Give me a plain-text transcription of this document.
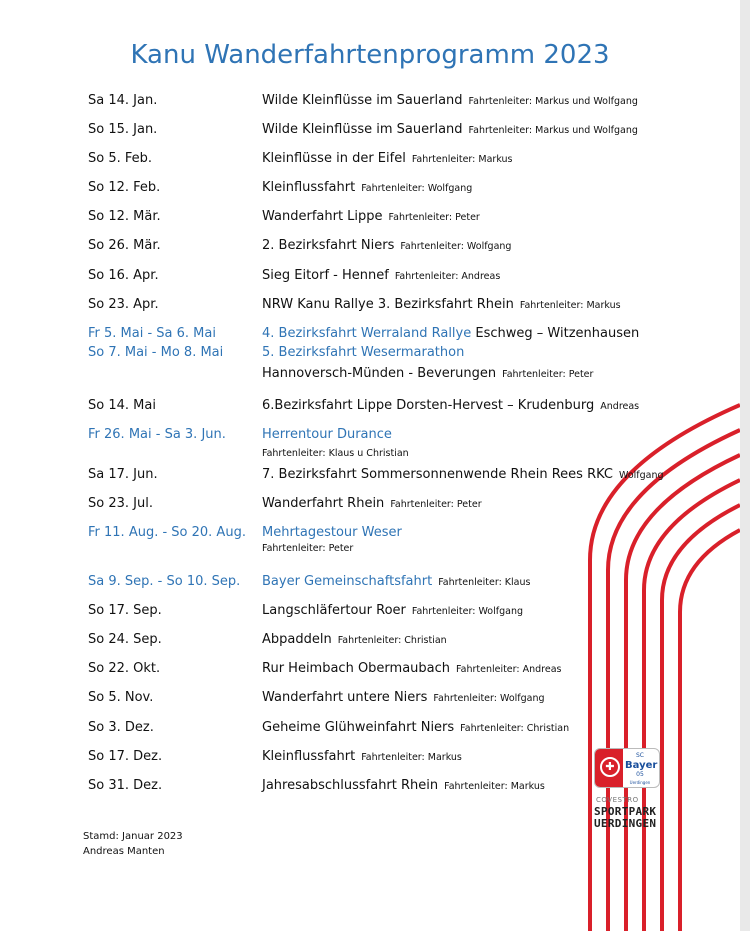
Kanu Wanderfahrtenprogramm 2023
Sa 14. Jan.	Wilde Kleinflüsse im Sauerland Fahrtenleiter: Markus und Wolfgang
So 15. Jan.	Wilde Kleinflüsse im Sauerland Fahrtenleiter: Markus und Wolfgang
So 5. Feb.	Kleinflüsse in der Eifel Fahrtenleiter: Markus
So 12. Feb.	Kleinflussfahrt Fahrtenleiter: Wolfgang
So 12. Mär.	Wanderfahrt Lippe Fahrtenleiter: Peter
So 26. Mär.	2. Bezirksfahrt Niers Fahrtenleiter: Wolfgang
So 16. Apr.	Sieg Eitorf - Hennef Fahrtenleiter: Andreas
So 23. Apr.	NRW Kanu Rallye 3. Bezirksfahrt Rhein Fahrtenleiter: Markus
Fr 5. Mai - Sa 6. Mai	4. Bezirksfahrt Werraland Rallye Eschweg – Witzenhausen
So 7. Mai - Mo 8. Mai	5. Bezirksfahrt Wesermarathon
Hannoversch-Münden - Beverungen Fahrtenleiter: Peter
So 14. Mai	6.Bezirksfahrt Lippe Dorsten-Hervest – Krudenburg Andreas
Fr 26. Mai - Sa 3. Jun.	Herrentour Durance
Fahrtenleiter: Klaus u Christian
Sa 17. Jun.	7. Bezirksfahrt Sommersonnenwende Rhein Rees RKC Wolfgang
So 23. Jul.	Wanderfahrt Rhein Fahrtenleiter: Peter
Fr 11. Aug. - So 20. Aug. Mehrtagestour Weser
Fahrtenleiter: Peter
Sa 9. Sep. - So 10. Sep. Bayer Gemeinschaftsfahrt Fahrtenleiter: Klaus
So 17. Sep.	Langschläfertour Roer Fahrtenleiter: Wolfgang
So 24. Sep.	Abpaddeln Fahrtenleiter: Christian
So 22. Okt.	Rur Heimbach Obermaubach Fahrtenleiter: Andreas
So 5. Nov.	Wanderfahrt untere Niers Fahrtenleiter: Wolfgang
So 3. Dez.	Geheime Glühweinfahrt Niers Fahrtenleiter: Christian
So 17. Dez.	Kleinflussfahrt Fahrtenleiter: Markus
So 31. Dez.	Jahresabschlussfahrt Rhein Fahrtenleiter: Markus
Stamd: Januar 2023
Andreas Manten
✚
SC
Bayer
05
Uerdingen
COVESTRO
SPORTPARK
UERDINGEN
